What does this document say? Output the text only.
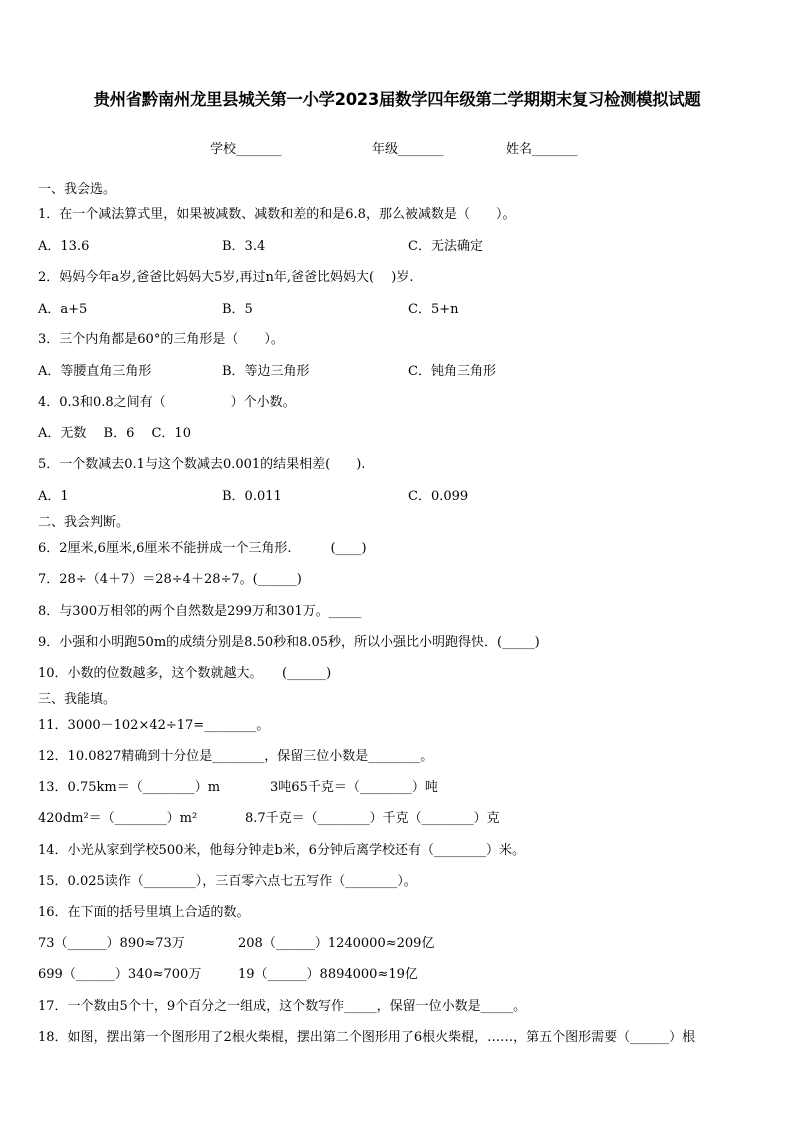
贵州省黔南州龙里县城关第一小学2023届数学四年级第二学期期末复习检测模拟试题
学校_______	年级_______	姓名_______
一、我会选。
1．在一个减法算式里，如果被减数、减数和差的和是6.8，那么被减数是（　　）。
A．13.6	B．3.4	C．无法确定
2．妈妈今年a岁,爸爸比妈妈大5岁,再过n年,爸爸比妈妈大(　 )岁.
A．a+5	B．5	C．5+n
3．三个内角都是60°的三角形是（　　）。
A．等腰直角三角形	B．等边三角形	C．钝角三角形
4．0.3和0.8之间有（　　　　　）个小数。
A．无数　 B．6　 C．10
5．一个数减去0.1与这个数减去0.001的结果相差(　　).
A．1	B．0.011	C．0.099
二、我会判断。
6．2厘米,6厘米,6厘米不能拼成一个三角形.　　　(____)
7．28÷（4＋7）＝28÷4＋28÷7。(______)
8．与300万相邻的两个自然数是299万和301万。_____
9．小强和小明跑50m的成绩分别是8.50秒和8.05秒，所以小强比小明跑得快．(_____)
10．小数的位数越多，这个数就越大。　　(______)
三、我能填。
11．3000－102×42÷17=________。
12．10.0827精确到十分位是________，保留三位小数是________。
13．0.75km＝（________）m	3吨65千克＝（________）吨
420dm²＝（________）m²	8.7千克＝（________）千克（________）克
14．小光从家到学校500米，他每分钟走b米，6分钟后离学校还有（________）米。
15．0.025读作（________），三百零六点七五写作（________）。
16．在下面的括号里填上合适的数。
73（______）890≈73万	208（______）1240000≈209亿
699（______）340≈700万	19（______）8894000≈19亿
17．一个数由5个十，9个百分之一组成，这个数写作_____，保留一位小数是_____。
18．如图，摆出第一个图形用了2根火柴棍，摆出第二个图形用了6根火柴棍，……，第五个图形需要（______）根
